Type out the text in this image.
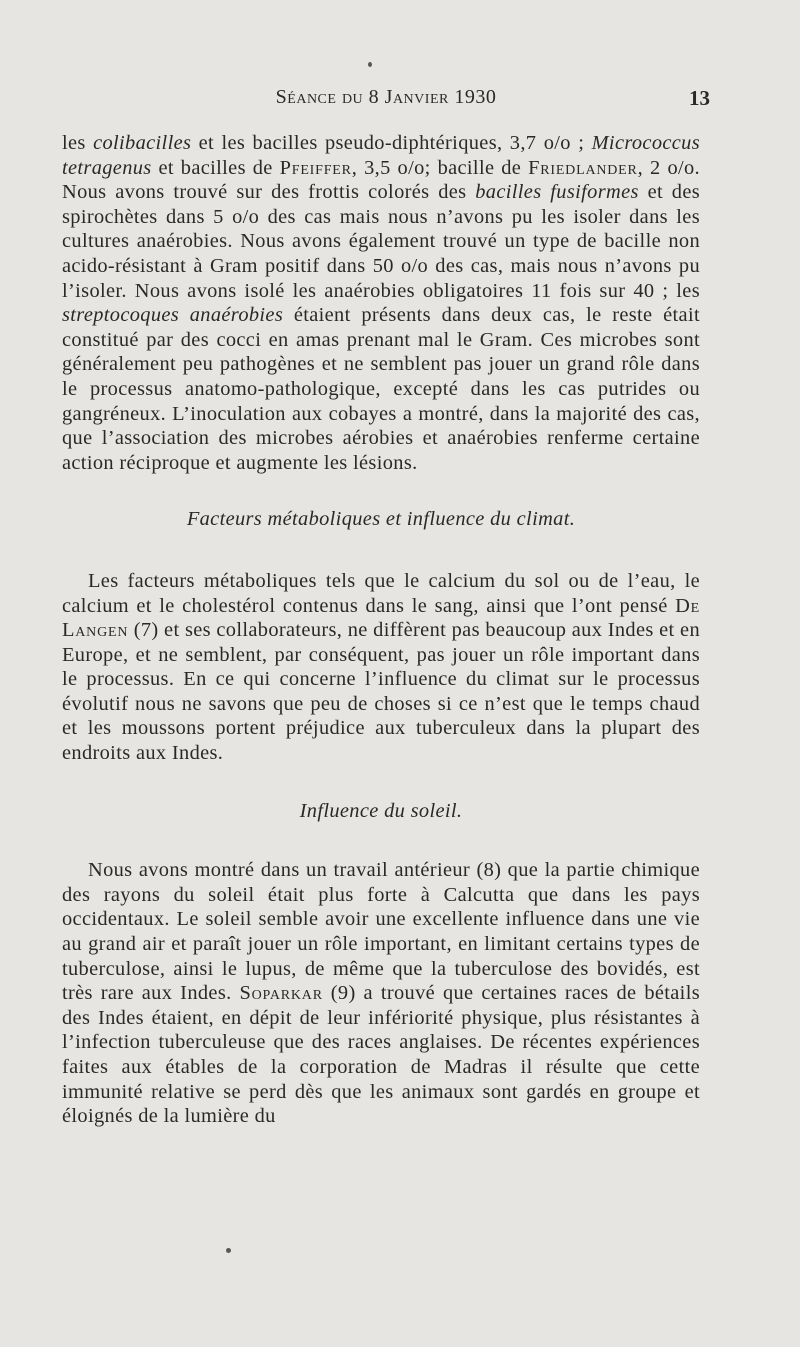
Séance du 8 Janvier 1930	13

les colibacilles et les bacilles pseudo-diphtériques, 3,7 o/o ; Micrococcus tetragenus et bacilles de Pfeiffer, 3,5 o/o; bacille de Friedlander, 2 o/o. Nous avons trouvé sur des frottis colorés des bacilles fusiformes et des spirochètes dans 5 o/o des cas mais nous n’avons pu les isoler dans les cultures anaérobies. Nous avons également trouvé un type de bacille non acido-résistant à Gram positif dans 50 o/o des cas, mais nous n’avons pu l’isoler. Nous avons isolé les anaérobies obligatoires 11 fois sur 40 ; les streptocoques anaérobies étaient présents dans deux cas, le reste était constitué par des cocci en amas prenant mal le Gram. Ces microbes sont généralement peu pathogènes et ne semblent pas jouer un grand rôle dans le processus anatomo-pathologique, excepté dans les cas putrides ou gangréneux. L’inoculation aux cobayes a montré, dans la majorité des cas, que l’association des microbes aérobies et anaérobies renferme certaine action réciproque et augmente les lésions.

Facteurs métaboliques et influence du climat.

Les facteurs métaboliques tels que le calcium du sol ou de l’eau, le calcium et le cholestérol contenus dans le sang, ainsi que l’ont pensé De Langen (7) et ses collaborateurs, ne diffèrent pas beaucoup aux Indes et en Europe, et ne semblent, par conséquent, pas jouer un rôle important dans le processus. En ce qui concerne l’influence du climat sur le processus évolutif nous ne savons que peu de choses si ce n’est que le temps chaud et les moussons portent préjudice aux tuberculeux dans la plupart des endroits aux Indes.

Influence du soleil.

Nous avons montré dans un travail antérieur (8) que la partie chimique des rayons du soleil était plus forte à Calcutta que dans les pays occidentaux. Le soleil semble avoir une excellente influence dans une vie au grand air et paraît jouer un rôle important, en limitant certains types de tuberculose, ainsi le lupus, de même que la tuberculose des bovidés, est très rare aux Indes. Soparkar (9) a trouvé que certaines races de bétails des Indes étaient, en dépit de leur infériorité physique, plus résistantes à l’infection tuberculeuse que des races anglaises. De récentes expériences faites aux étables de la corporation de Madras il résulte que cette immunité relative se perd dès que les animaux sont gardés en groupe et éloignés de la lumière du
